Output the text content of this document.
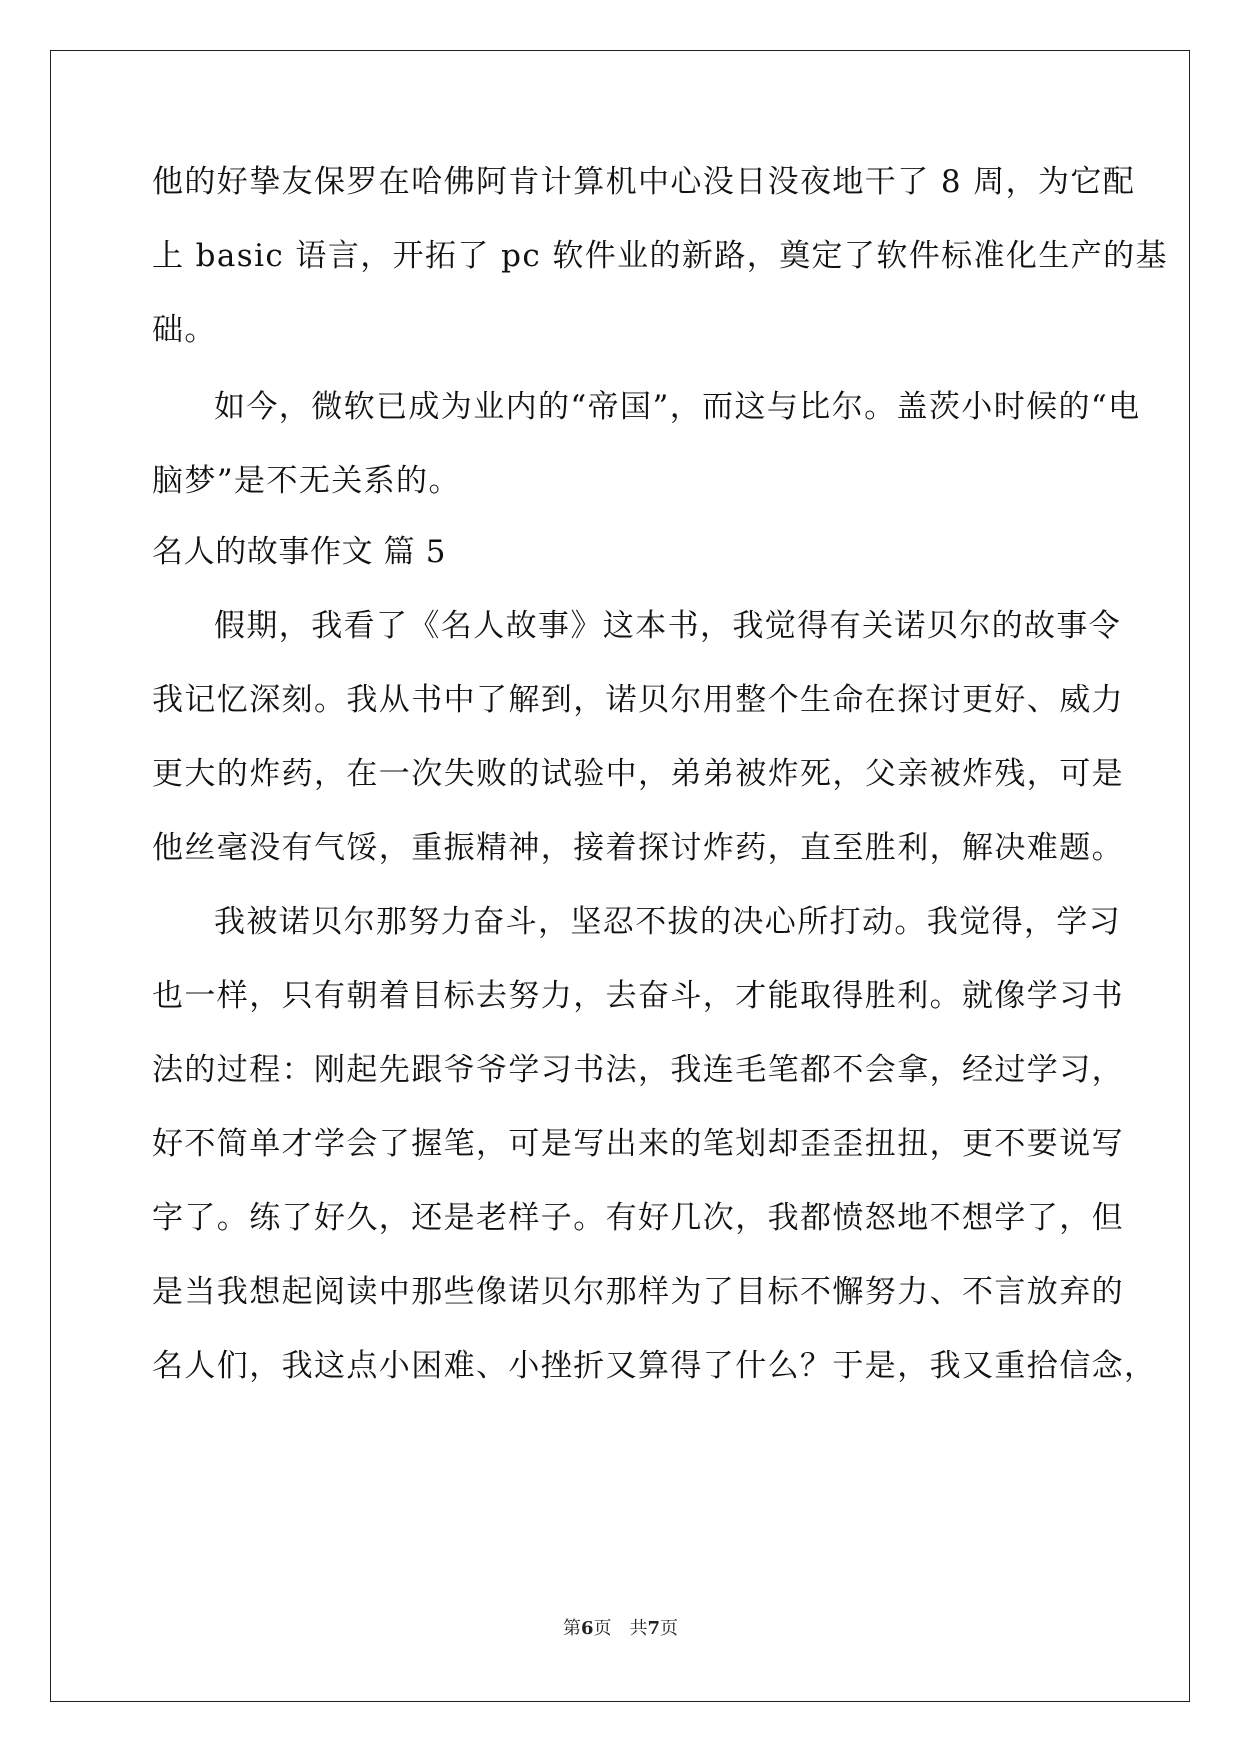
他的好挚友保罗在哈佛阿肯计算机中心没日没夜地干了 8 周，为它配
上 basic 语言，开拓了 pc 软件业的新路，奠定了软件标准化生产的基
础。
如今，微软已成为业内的“帝国”，而这与比尔。盖茨小时候的“电
脑梦”是不无关系的。
名人的故事作文 篇 5
假期，我看了《名人故事》这本书，我觉得有关诺贝尔的故事令
我记忆深刻。我从书中了解到，诺贝尔用整个生命在探讨更好、威力
更大的炸药，在一次失败的试验中，弟弟被炸死，父亲被炸残，可是
他丝毫没有气馁，重振精神，接着探讨炸药，直至胜利，解决难题。
我被诺贝尔那努力奋斗，坚忍不拔的决心所打动。我觉得，学习
也一样，只有朝着目标去努力，去奋斗，才能取得胜利。就像学习书
法的过程：刚起先跟爷爷学习书法，我连毛笔都不会拿，经过学习，
好不简单才学会了握笔，可是写出来的笔划却歪歪扭扭，更不要说写
字了。练了好久，还是老样子。有好几次，我都愤怒地不想学了，但
是当我想起阅读中那些像诺贝尔那样为了目标不懈努力、不言放弃的
名人们，我这点小困难、小挫折又算得了什么？于是，我又重拾信念，
第6页　共7页
